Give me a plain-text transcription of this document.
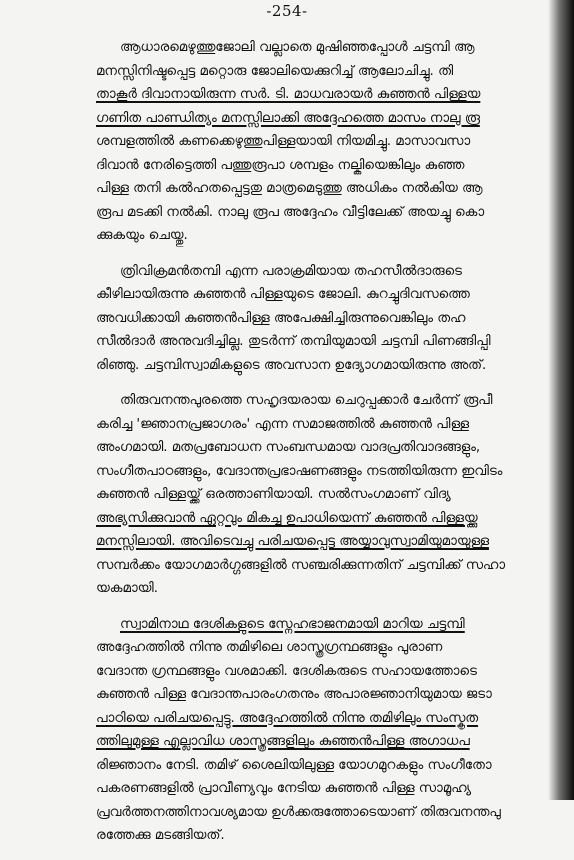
-254-
ആധാരമെഴുത്തുജോലി വല്ലാതെ മുഷിഞ്ഞപ്പോൾ ചട്ടമ്പി ആ
മനസ്സിനിഷ്ടപ്പെട്ട മറ്റൊരു ജോലിയെക്കുറിച്ച് ആലോചിച്ചു. തി
താകൂർ ദിവാനായിരുന്ന സർ. ടി. മാധവരായർ കുഞ്ഞൻ പിള്ളയ
ഗണിത പാണ്ഡിത്യം മനസ്സിലാക്കി അദ്ദേഹത്തെ മാസം നാലു രൂ
ശമ്പളത്തിൽ കണക്കെഴുത്തുപിള്ളയായി നിയമിച്ചു. മാസാവസാ
ദിവാൻ നേരിട്ടെത്തി പത്തുരൂപാ ശമ്പളം നല്കിയെങ്കിലും കുഞ്ഞ
പിള്ള തനി കൽഹതപ്പെട്ടതു മാത്രമെടുത്തു അധികം നൽകിയ ആ
രൂപ മടക്കി നൽകി. നാലു രൂപ അദ്ദേഹം വീട്ടിലേക്ക് അയച്ചു കൊ
ക്കുകയും ചെയ്തു.
ത്രിവിക്രമൻതമ്പി എന്ന പരാക്രമിയായ തഹസീൽദാരുടെ
കീഴിലായിരുന്നു കുഞ്ഞൻ പിള്ളയുടെ ജോലി. കുറച്ചുദിവസത്തെ
അവധിക്കായി കുഞ്ഞൻപിള്ള അപേക്ഷിച്ചിരുന്നുവെങ്കിലും തഹ
സീൽദാർ അനുവദിച്ചില്ല. തുടർന്ന് തമ്പിയുമായി ചട്ടമ്പി പിണങ്ങിപ്പി
രിഞ്ഞു. ചട്ടമ്പിസ്വാമികളുടെ അവസാന ഉദ്യോഗമായിരുന്നു അത്.
തിരുവനന്തപുരത്തെ സഹൃദയരായ ചെറുപ്പക്കാർ ചേർന്ന് രൂപീ
കരിച്ച 'ജ്ഞാനപ്രജാഗരം' എന്ന സമാജത്തിൽ കുഞ്ഞൻ പിള്ള
അംഗമായി. മതപ്രബോധന സംബന്ധമായ വാദപ്രതിവാദങ്ങളും,
സംഗീതപാഠങ്ങളും, വേദാന്തപ്രഭാഷണങ്ങളും നടത്തിയിരുന്ന ഇവിടം
കുഞ്ഞൻ പിള്ളയ്ക്ക് ഒരത്താണിയായി. സൽസംഗമാണ് വിദ്യ
അഭ്യസിക്കുവാൻ ഏറ്റവും മികച്ച ഉപാധിയെന്ന് കുഞ്ഞൻ പിള്ളയ്ക്കു
മനസ്സിലായി. അവിടെവച്ചു പരിചയപ്പെട്ട അയ്യാവുസ്വാമിയുമായുള്ള
സമ്പർക്കം യോഗമാർഗ്ഗങ്ങളിൽ സഞ്ചരിക്കുന്നതിന് ചട്ടമ്പിക്ക് സഹാ
യകമായി.
സ്വാമിനാഥ ദേശികളുടെ സ്നേഹഭാജനമായി മാറിയ ചട്ടമ്പി
അദ്ദേഹത്തിൽ നിന്നു തമിഴിലെ ശാസ്ത്രഗ്രന്ഥങ്ങളും പുരാണ
വേദാന്ത ഗ്രന്ഥങ്ങളും വശമാക്കി. ദേശികരുടെ സഹായത്തോടെ
കുഞ്ഞൻ പിള്ള വേദാന്തപാരംഗതനും അപാരജ്ഞാനിയുമായ ജടാ
പാഠിയെ പരിചയപ്പെട്ടു. അദ്ദേഹത്തിൽ നിന്നു തമിഴിലും സംസ്കൃത
ത്തിലുമുള്ള എല്ലാവിധ ശാസ്ത്രങ്ങളിലും കുഞ്ഞൻപിള്ള അഗാധപ
രിജ്ഞാനം നേടി. തമിഴ് ശൈലിയിലുള്ള യോഗമുറകളും സംഗീതോ
പകരണങ്ങളിൽ പ്രാവീണ്യവും നേടിയ കുഞ്ഞൻ പിള്ള സാമൂഹ്യ
പ്രവർത്തനത്തിനാവശ്യമായ ഉൾക്കരുത്തോടെയാണ് തിരുവനന്തപു
രത്തേക്കു മടങ്ങിയത്.
